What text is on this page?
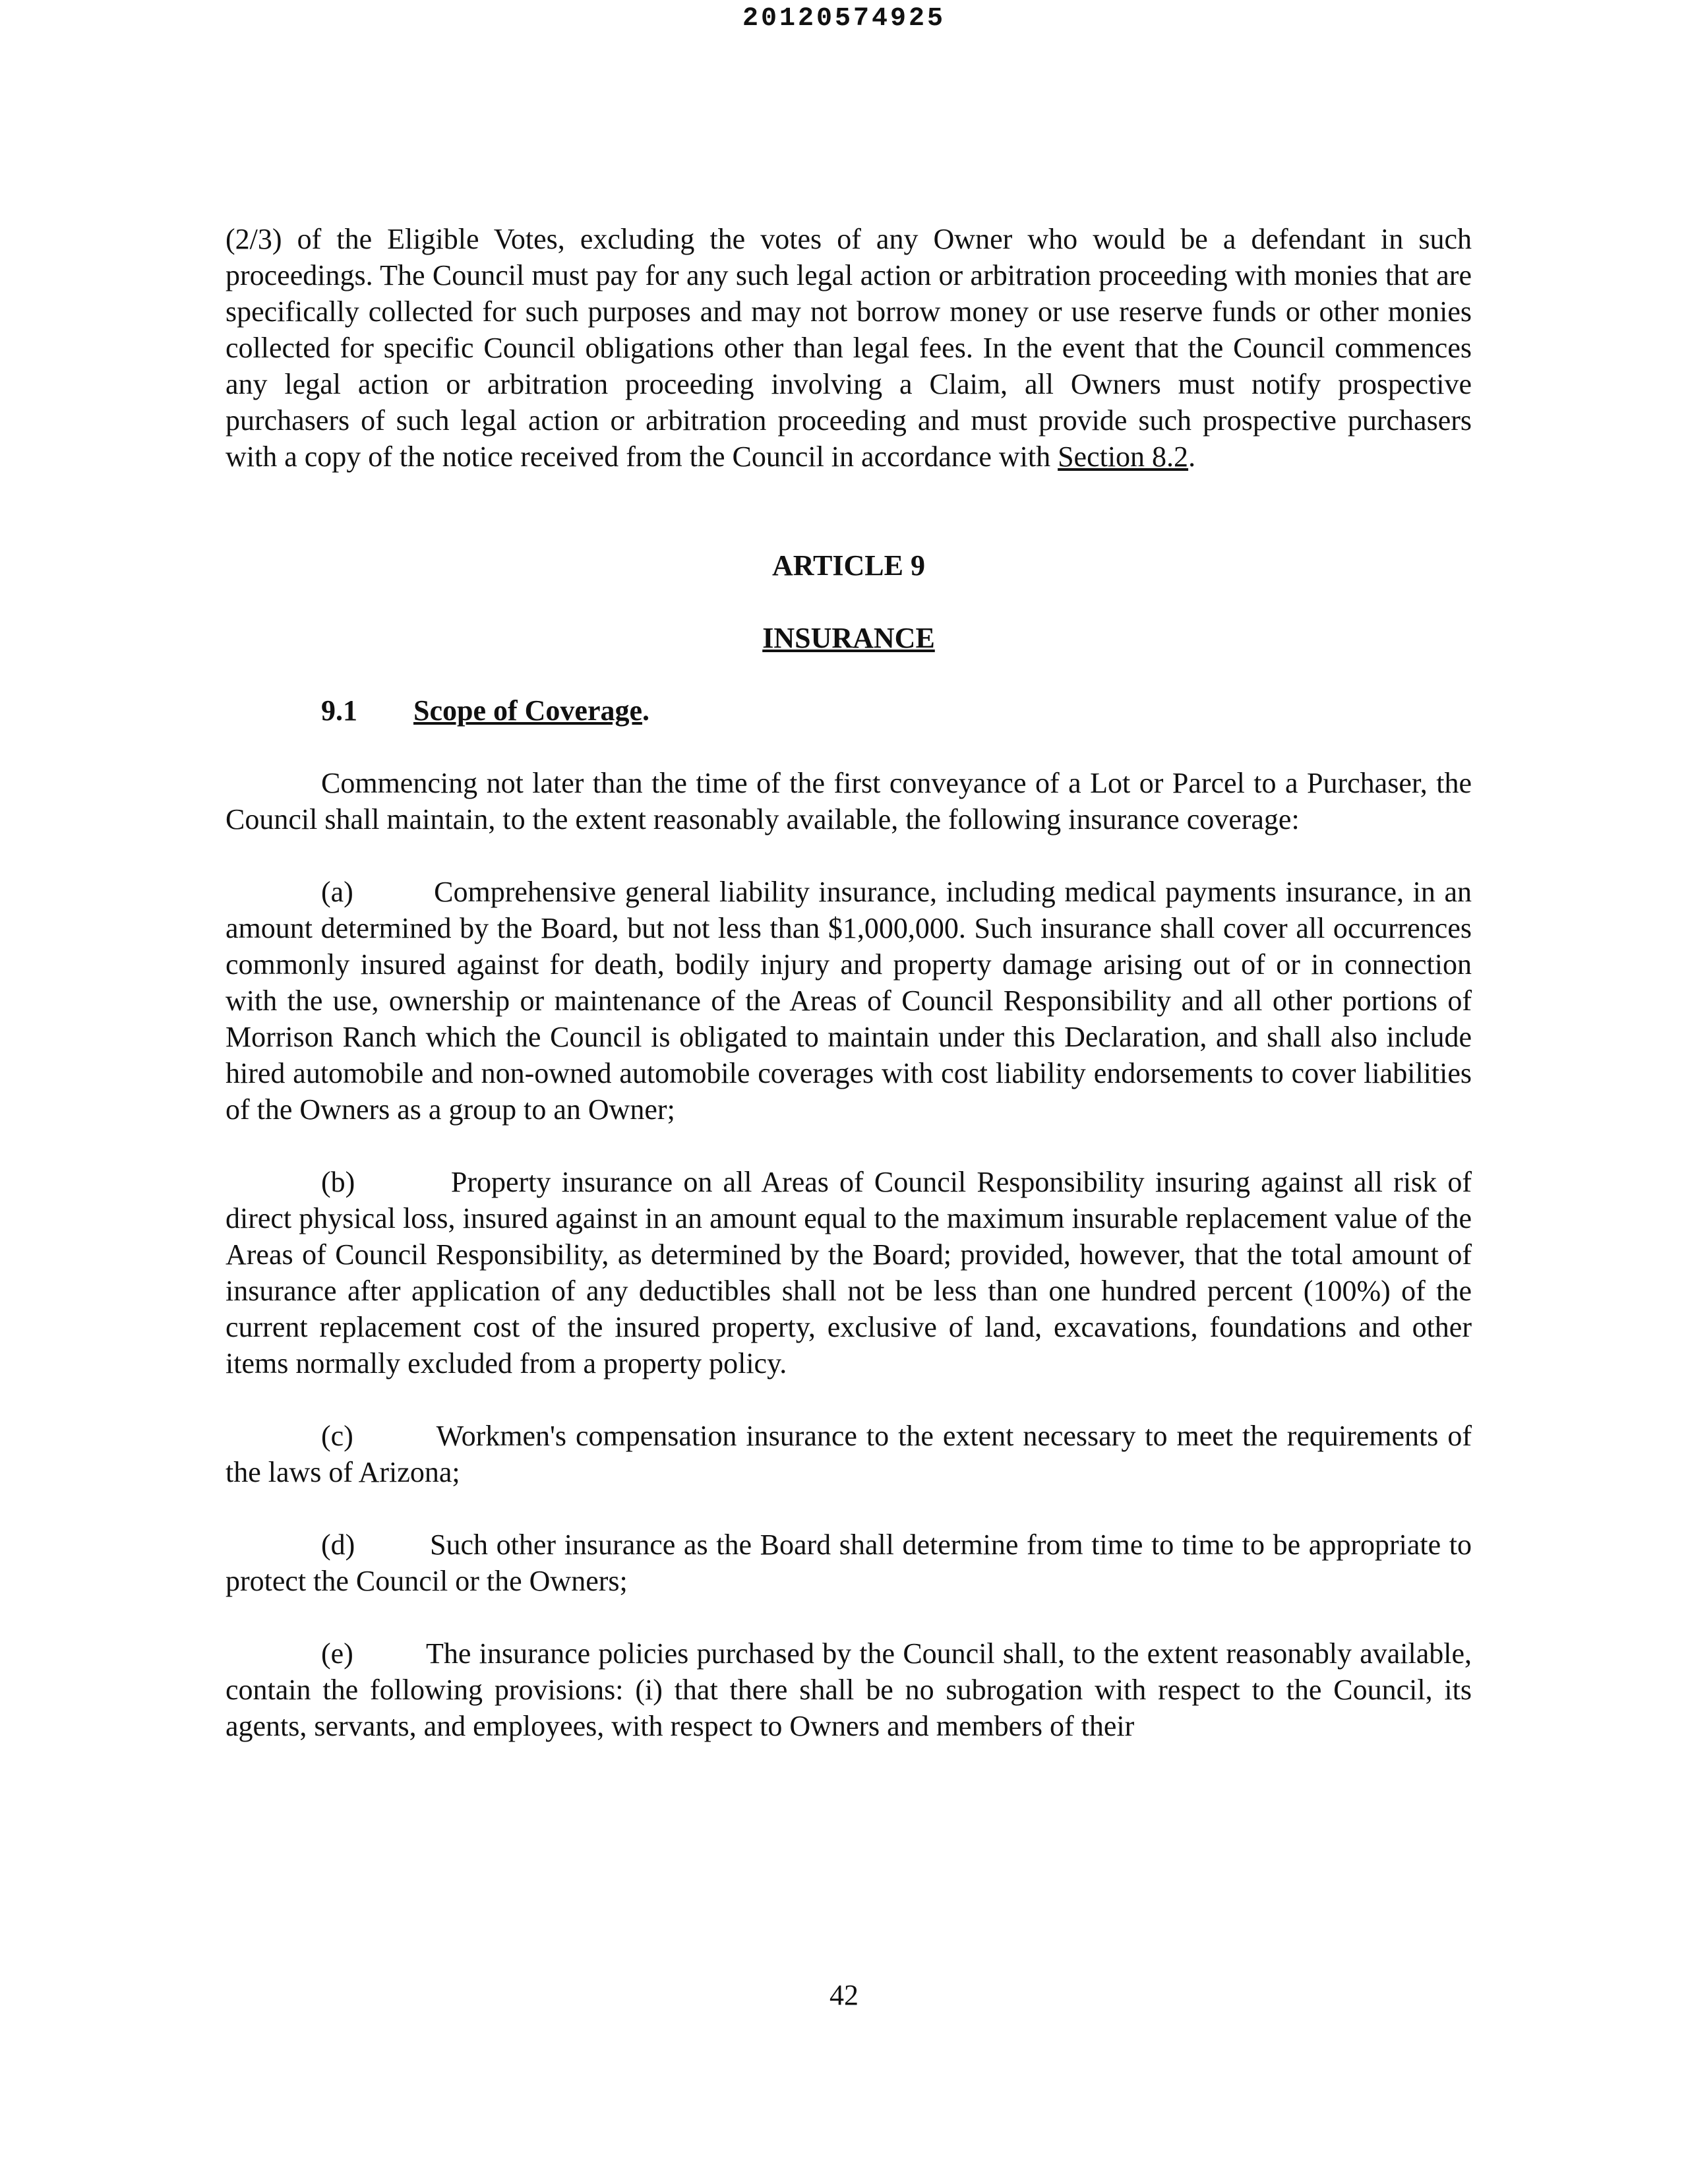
20120574925

(2/3) of the Eligible Votes, excluding the votes of any Owner who would be a defendant in such proceedings. The Council must pay for any such legal action or arbitration proceeding with monies that are specifically collected for such purposes and may not borrow money or use reserve funds or other monies collected for specific Council obligations other than legal fees. In the event that the Council commences any legal action or arbitration proceeding involving a Claim, all Owners must notify prospective purchasers of such legal action or arbitration proceeding and must provide such prospective purchasers with a copy of the notice received from the Council in accordance with Section 8.2.

ARTICLE 9

INSURANCE

9.1 Scope of Coverage.

Commencing not later than the time of the first conveyance of a Lot or Parcel to a Purchaser, the Council shall maintain, to the extent reasonably available, the following insurance coverage:

(a)	Comprehensive general liability insurance, including medical payments insurance, in an amount determined by the Board, but not less than $1,000,000. Such insurance shall cover all occurrences commonly insured against for death, bodily injury and property damage arising out of or in connection with the use, ownership or maintenance of the Areas of Council Responsibility and all other portions of Morrison Ranch which the Council is obligated to maintain under this Declaration, and shall also include hired automobile and non-owned automobile coverages with cost liability endorsements to cover liabilities of the Owners as a group to an Owner;

(b)	Property insurance on all Areas of Council Responsibility insuring against all risk of direct physical loss, insured against in an amount equal to the maximum insurable replacement value of the Areas of Council Responsibility, as determined by the Board; provided, however, that the total amount of insurance after application of any deductibles shall not be less than one hundred percent (100%) of the current replacement cost of the insured property, exclusive of land, excavations, foundations and other items normally excluded from a property policy.

(c)	Workmen's compensation insurance to the extent necessary to meet the requirements of the laws of Arizona;

(d)	Such other insurance as the Board shall determine from time to time to be appropriate to protect the Council or the Owners;

(e)	The insurance policies purchased by the Council shall, to the extent reasonably available, contain the following provisions: (i) that there shall be no subrogation with respect to the Council, its agents, servants, and employees, with respect to Owners and members of their

42
